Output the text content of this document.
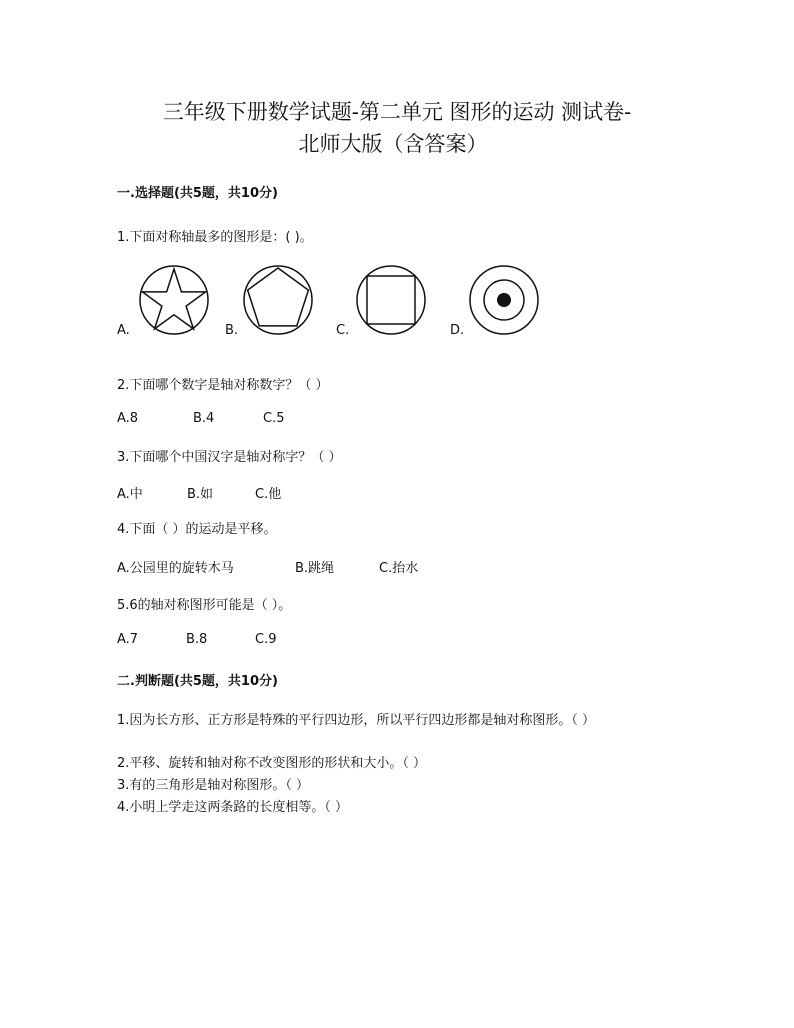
三年级下册数学试题-第二单元 图形的运动 测试卷-
北师大版（含答案）
一.选择题(共5题，共10分)
1.下面对称轴最多的图形是：( )。
A.	B.	C.	D.
2.下面哪个数字是轴对称数字？（ ）
A.8	B.4	C.5
3.下面哪个中国汉字是轴对称字？（ ）
A.中	B.如	C.他
4.下面（ ）的运动是平移。
A.公园里的旋转木马	B.跳绳	C.抬水
5.6的轴对称图形可能是（ ）。
A.7	B.8	C.9
二.判断题(共5题，共10分)
1.因为长方形、正方形是特殊的平行四边形，所以平行四边形都是轴对称图形。（ ）
2.平移、旋转和轴对称不改变图形的形状和大小。（ ）
3.有的三角形是轴对称图形。（ ）
4.小明上学走这两条路的长度相等。（ ）
